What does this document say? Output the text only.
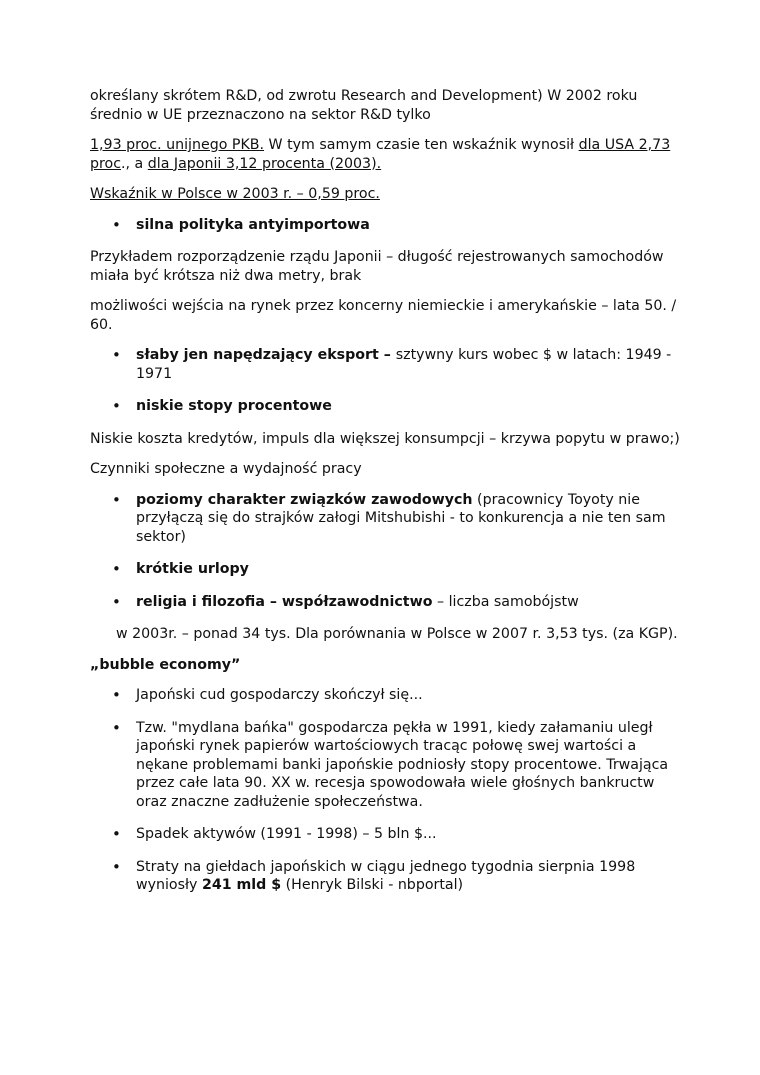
określany skrótem R&D, od zwrotu Research and Development) W 2002 roku
średnio w UE przeznaczono na sektor R&D tylko

1,93 proc. unijnego PKB. W tym samym czasie ten wskaźnik wynosił dla USA 2,73 proc., a dla Japonii 3,12 procenta (2003).

Wskaźnik w Polsce w 2003 r. – 0,59 proc.

• silna polityka antyimportowa

Przykładem rozporządzenie rządu Japonii – długość rejestrowanych samochodów miała być krótsza niż dwa metry, brak

możliwości wejścia na rynek przez koncerny niemieckie i amerykańskie – lata 50. / 60.

• słaby jen napędzający eksport – sztywny kurs wobec $ w latach: 1949 - 1971
• niskie stopy procentowe

Niskie koszta kredytów, impuls dla większej konsumpcji – krzywa popytu w prawo;)

Czynniki społeczne a wydajność pracy

• poziomy charakter związków zawodowych (pracownicy Toyoty nie przyłączą się do strajków załogi Mitshubishi - to konkurencja a nie ten sam sektor)
• krótkie urlopy
• religia i filozofia – współzawodnictwo – liczba samobójstw

w 2003r. – ponad 34 tys. Dla porównania w Polsce w 2007 r. 3,53 tys. (za KGP).

„bubble economy”

• Japoński cud gospodarczy skończył się...
• Tzw. "mydlana bańka" gospodarcza pękła w 1991, kiedy załamaniu uległ japoński rynek papierów wartościowych tracąc połowę swej wartości a nękane problemami banki japońskie podniosły stopy procentowe. Trwająca przez całe lata 90. XX w. recesja spowodowała wiele głośnych bankructw oraz znaczne zadłużenie społeczeństwa.
• Spadek aktywów (1991 - 1998) – 5 bln $...
• Straty na giełdach japońskich w ciągu jednego tygodnia sierpnia 1998 wyniosły 241 mld $ (Henryk Bilski - nbportal)
